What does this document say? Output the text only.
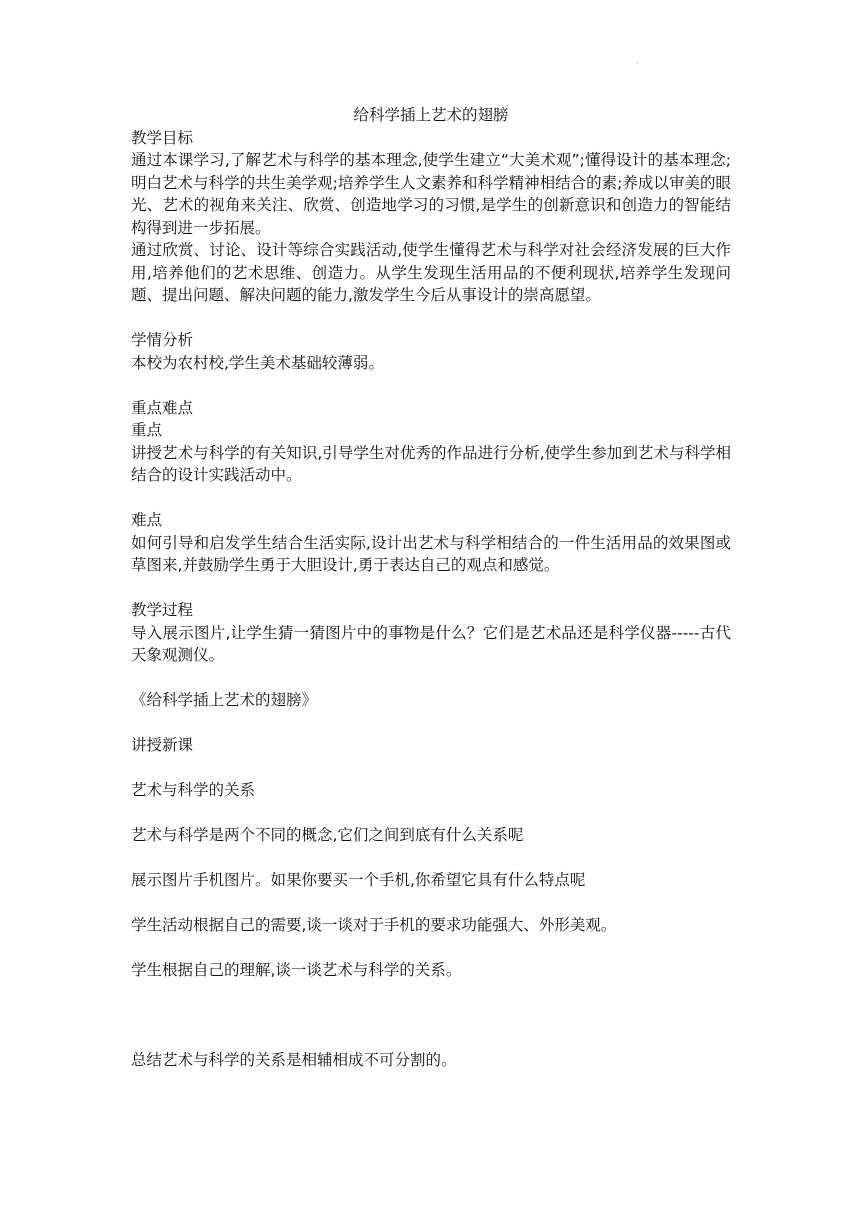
.
给科学插上艺术的翅膀
教学目标
通过本课学习,了解艺术与科学的基本理念,使学生建立“大美术观”;懂得设计的基本理念;明白艺术与科学的共生美学观;培养学生人文素养和科学精神相结合的素;养成以审美的眼光、艺术的视角来关注、欣赏、创造地学习的习惯,是学生的创新意识和创造力的智能结构得到进一步拓展。
通过欣赏、讨论、设计等综合实践活动,使学生懂得艺术与科学对社会经济发展的巨大作用,培养他们的艺术思维、创造力。从学生发现生活用品的不便利现状,培养学生发现问题、提出问题、解决问题的能力,激发学生今后从事设计的崇高愿望。
学情分析
本校为农村校,学生美术基础较薄弱。
重点难点
重点
讲授艺术与科学的有关知识,引导学生对优秀的作品进行分析,使学生参加到艺术与科学相结合的设计实践活动中。
难点
如何引导和启发学生结合生活实际,设计出艺术与科学相结合的一件生活用品的效果图或草图来,并鼓励学生勇于大胆设计,勇于表达自己的观点和感觉。
教学过程
导入展示图片,让学生猜一猜图片中的事物是什么？它们是艺术品还是科学仪器-----古代天象观测仪。
《给科学插上艺术的翅膀》
讲授新课
艺术与科学的关系
艺术与科学是两个不同的概念,它们之间到底有什么关系呢
展示图片手机图片。如果你要买一个手机,你希望它具有什么特点呢
学生活动根据自己的需要,谈一谈对于手机的要求功能强大、外形美观。
学生根据自己的理解,谈一谈艺术与科学的关系。
总结艺术与科学的关系是相辅相成不可分割的。
